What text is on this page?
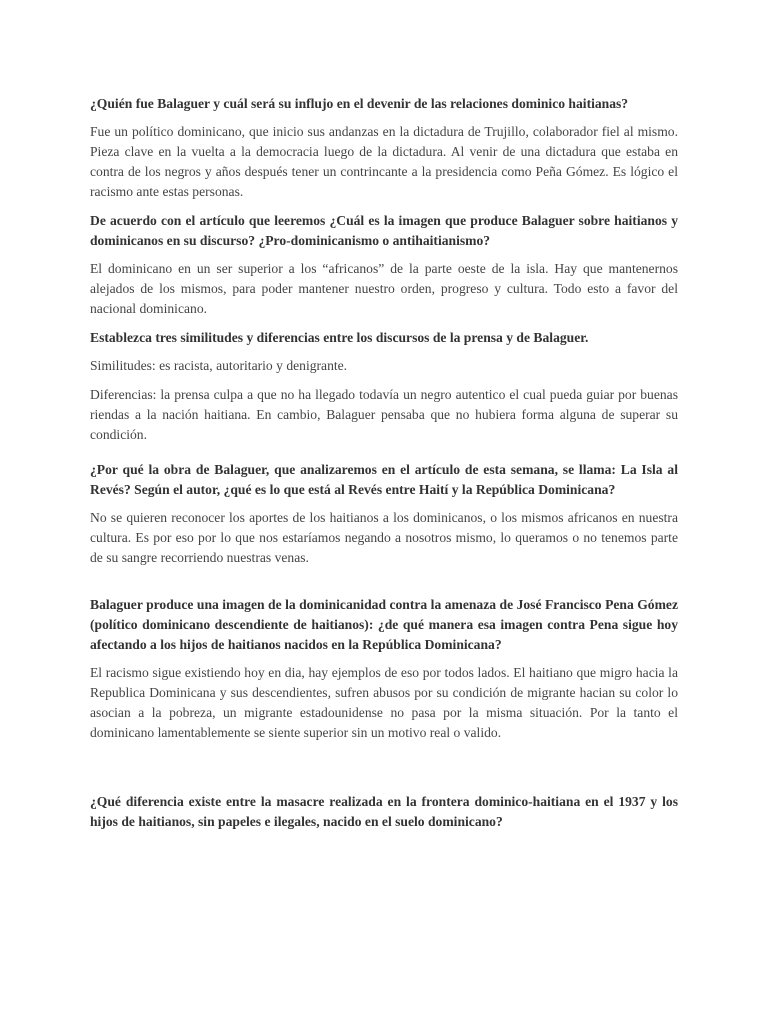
¿Quién fue Balaguer y cuál será su influjo en el devenir de las relaciones dominico haitianas?

Fue un político dominicano, que inicio sus andanzas en la dictadura de Trujillo, colaborador fiel al mismo. Pieza clave en la vuelta a la democracia luego de la dictadura. Al venir de una dictadura que estaba en contra de los negros y años después tener un contrincante a la presidencia como Peña Gómez. Es lógico el racismo ante estas personas.

De acuerdo con el artículo que leeremos ¿Cuál es la imagen que produce Balaguer sobre haitianos y dominicanos en su discurso? ¿Pro-dominicanismo o antihaitianismo?

El dominicano en un ser superior a los “africanos” de la parte oeste de la isla. Hay que mantenernos alejados de los mismos, para poder mantener nuestro orden, progreso y cultura. Todo esto a favor del nacional dominicano.

Establezca tres similitudes y diferencias entre los discursos de la prensa y de Balaguer.

Similitudes: es racista, autoritario y denigrante.

Diferencias: la prensa culpa a que no ha llegado todavía un negro autentico el cual pueda guiar por buenas riendas a la nación haitiana. En cambio, Balaguer pensaba que no hubiera forma alguna de superar su condición.

¿Por qué la obra de Balaguer, que analizaremos en el artículo de esta semana, se llama: La Isla al Revés? Según el autor, ¿qué es lo que está al Revés entre Haití y la República Dominicana?

No se quieren reconocer los aportes de los haitianos a los dominicanos, o los mismos africanos en nuestra cultura. Es por eso por lo que nos estaríamos negando a nosotros mismo, lo queramos o no tenemos parte de su sangre recorriendo nuestras venas.

Balaguer produce una imagen de la dominicanidad contra la amenaza de José Francisco Pena Gómez (político dominicano descendiente de haitianos): ¿de qué manera esa imagen contra Pena sigue hoy afectando a los hijos de haitianos nacidos en la República Dominicana?

El racismo sigue existiendo hoy en dia, hay ejemplos de eso por todos lados. El haitiano que migro hacia la Republica Dominicana y sus descendientes, sufren abusos por su condición de migrante hacian su color lo asocian a la pobreza, un migrante estadounidense no pasa por la misma situación. Por la tanto el dominicano lamentablemente se siente superior sin un motivo real o valido.

¿Qué diferencia existe entre la masacre realizada en la frontera dominico-haitiana en el 1937 y los hijos de haitianos, sin papeles e ilegales, nacido en el suelo dominicano?
